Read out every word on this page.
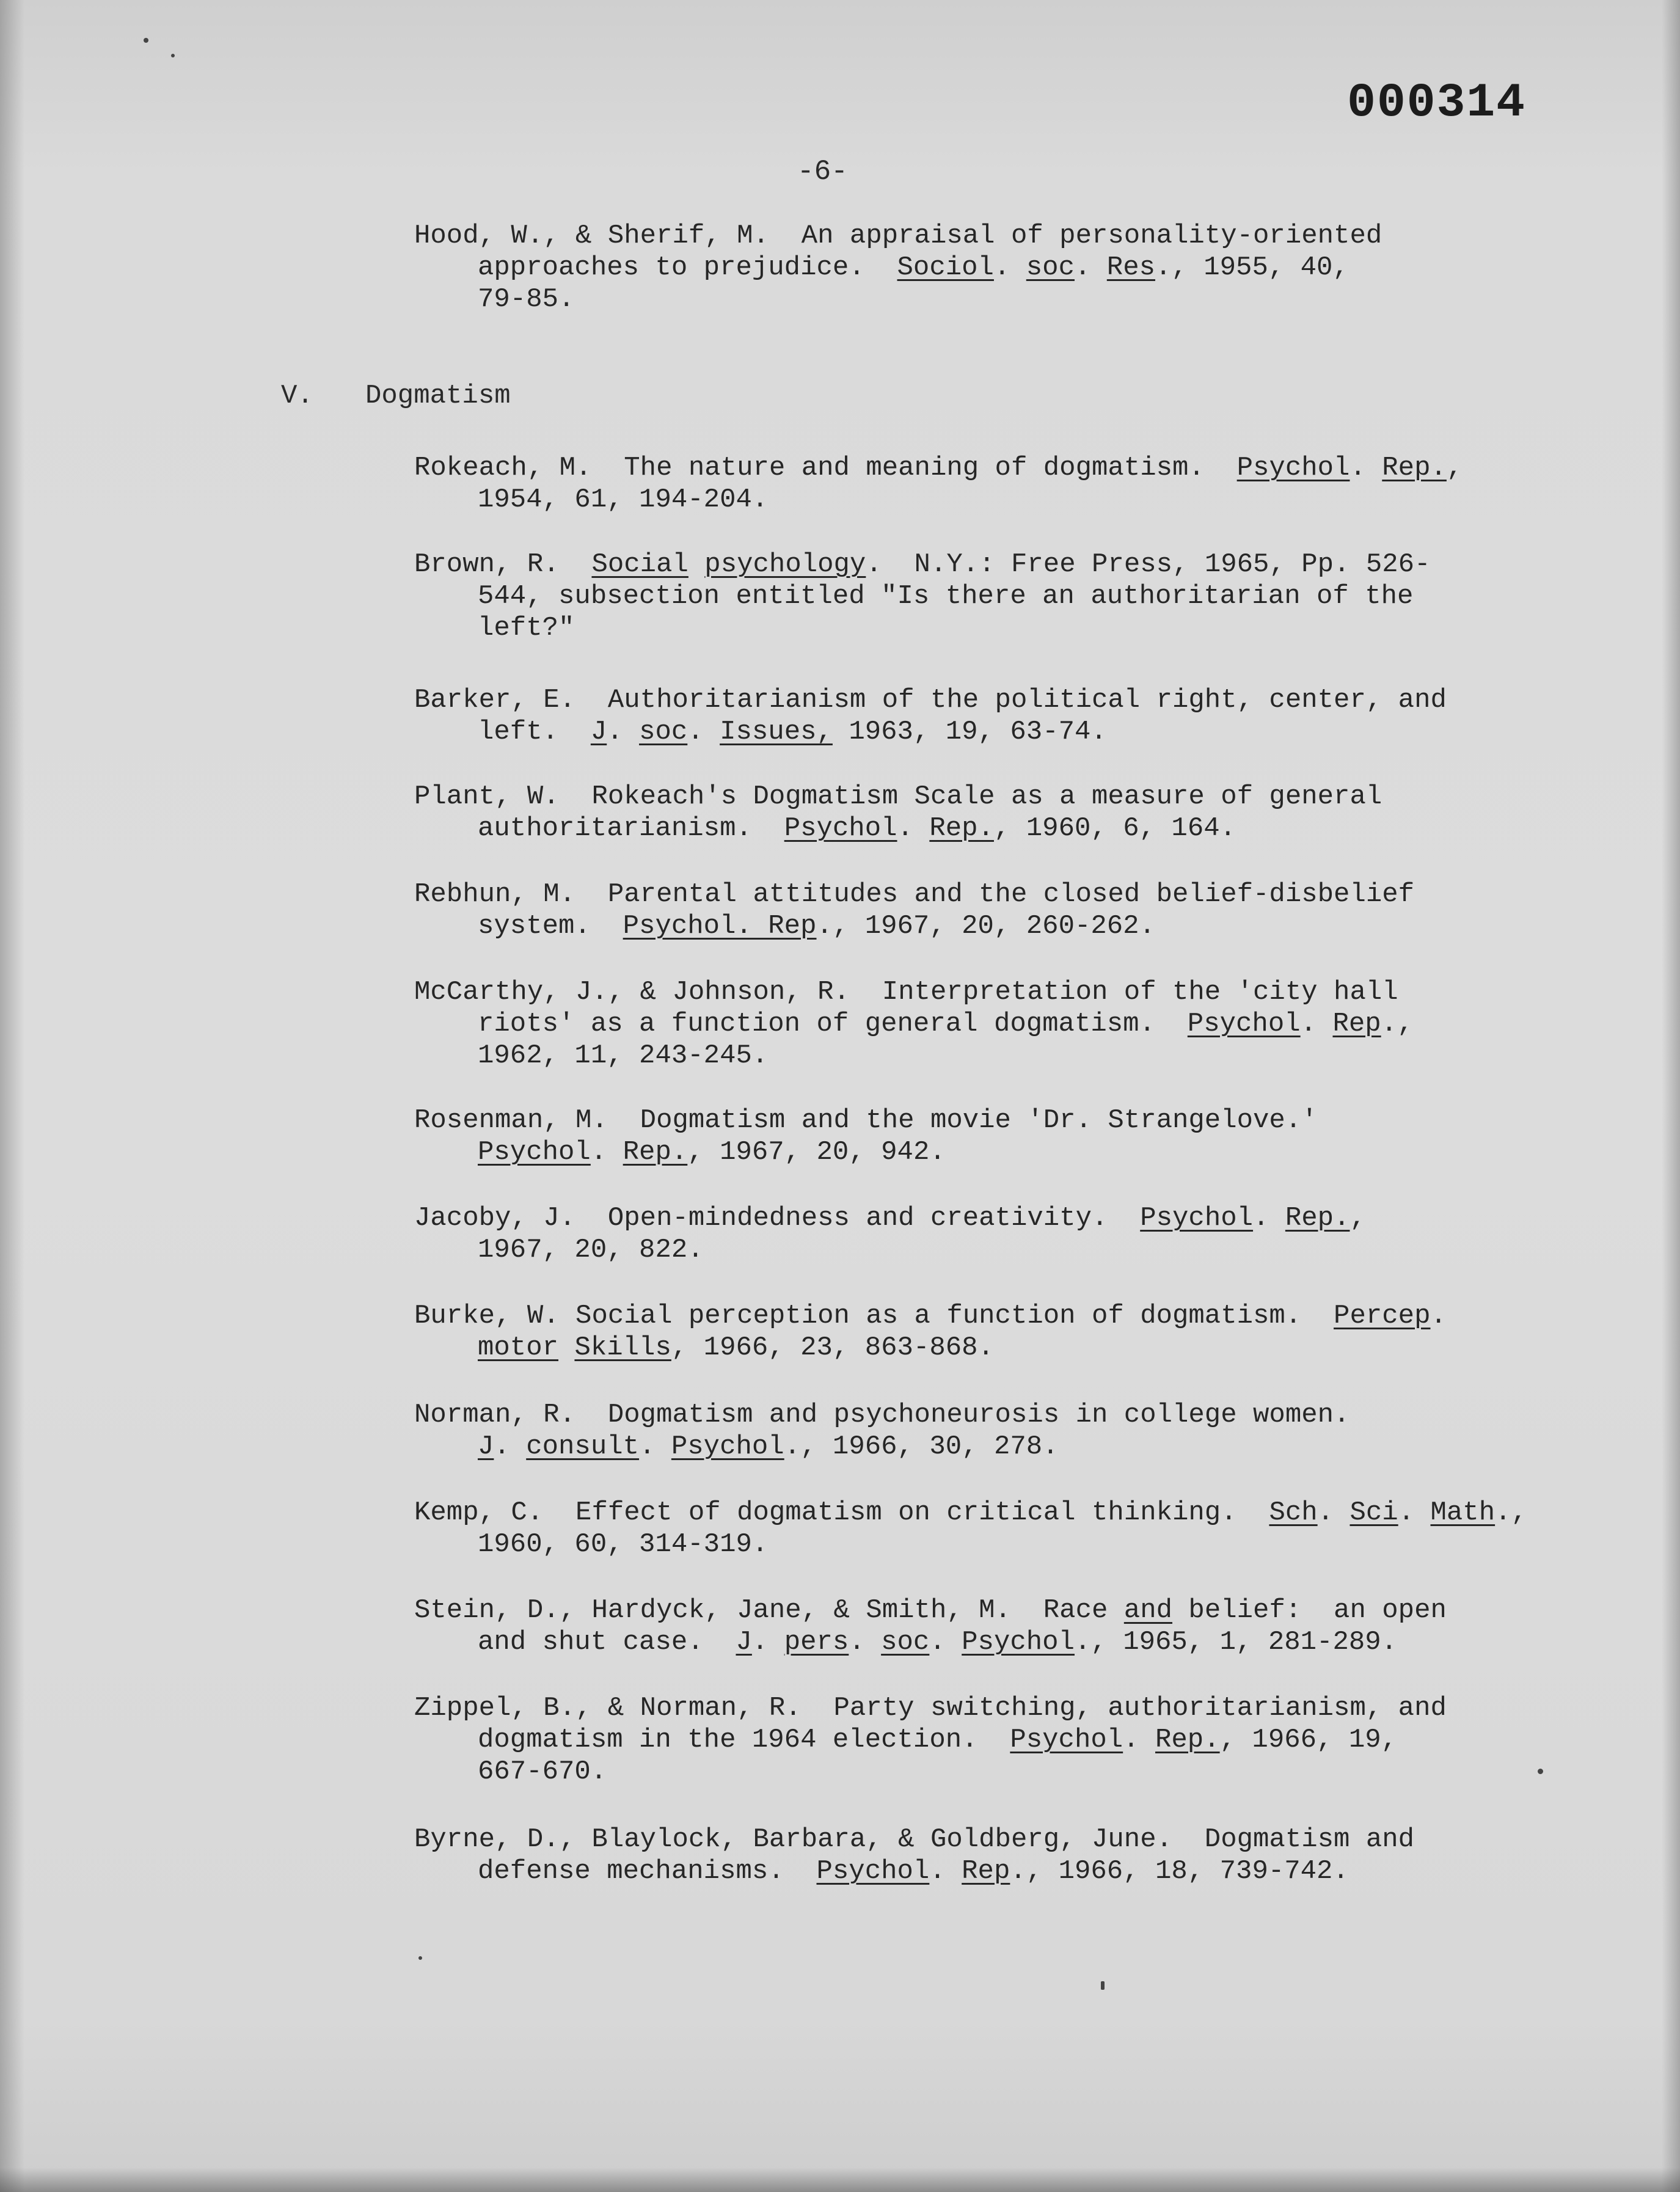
000314
-6-
Hood, W., & Sherif, M.  An appraisal of personality-oriented
approaches to prejudice.  Sociol. soc. Res., 1955, 40,
79-85.
V. Dogmatism
Rokeach, M.  The nature and meaning of dogmatism.  Psychol. Rep.,
1954, 61, 194-204.
Brown, R.  Social psychology.  N.Y.: Free Press, 1965, Pp. 526-
544, subsection entitled "Is there an authoritarian of the
left?"
Barker, E.  Authoritarianism of the political right, center, and
left.  J. soc. Issues, 1963, 19, 63-74.
Plant, W.  Rokeach's Dogmatism Scale as a measure of general
authoritarianism.  Psychol. Rep., 1960, 6, 164.
Rebhun, M.  Parental attitudes and the closed belief-disbelief
system.  Psychol. Rep., 1967, 20, 260-262.
McCarthy, J., & Johnson, R.  Interpretation of the 'city hall
riots' as a function of general dogmatism.  Psychol. Rep.,
1962, 11, 243-245.
Rosenman, M.  Dogmatism and the movie 'Dr. Strangelove.'
Psychol. Rep., 1967, 20, 942.
Jacoby, J.  Open-mindedness and creativity.  Psychol. Rep.,
1967, 20, 822.
Burke, W. Social perception as a function of dogmatism.  Percep.
motor Skills, 1966, 23, 863-868.
Norman, R.  Dogmatism and psychoneurosis in college women.
J. consult. Psychol., 1966, 30, 278.
Kemp, C.  Effect of dogmatism on critical thinking.  Sch. Sci. Math.,
1960, 60, 314-319.
Stein, D., Hardyck, Jane, & Smith, M.  Race and belief:  an open
and shut case.  J. pers. soc. Psychol., 1965, 1, 281-289.
Zippel, B., & Norman, R.  Party switching, authoritarianism, and
dogmatism in the 1964 election.  Psychol. Rep., 1966, 19,
667-670.
Byrne, D., Blaylock, Barbara, & Goldberg, June.  Dogmatism and
defense mechanisms.  Psychol. Rep., 1966, 18, 739-742.
